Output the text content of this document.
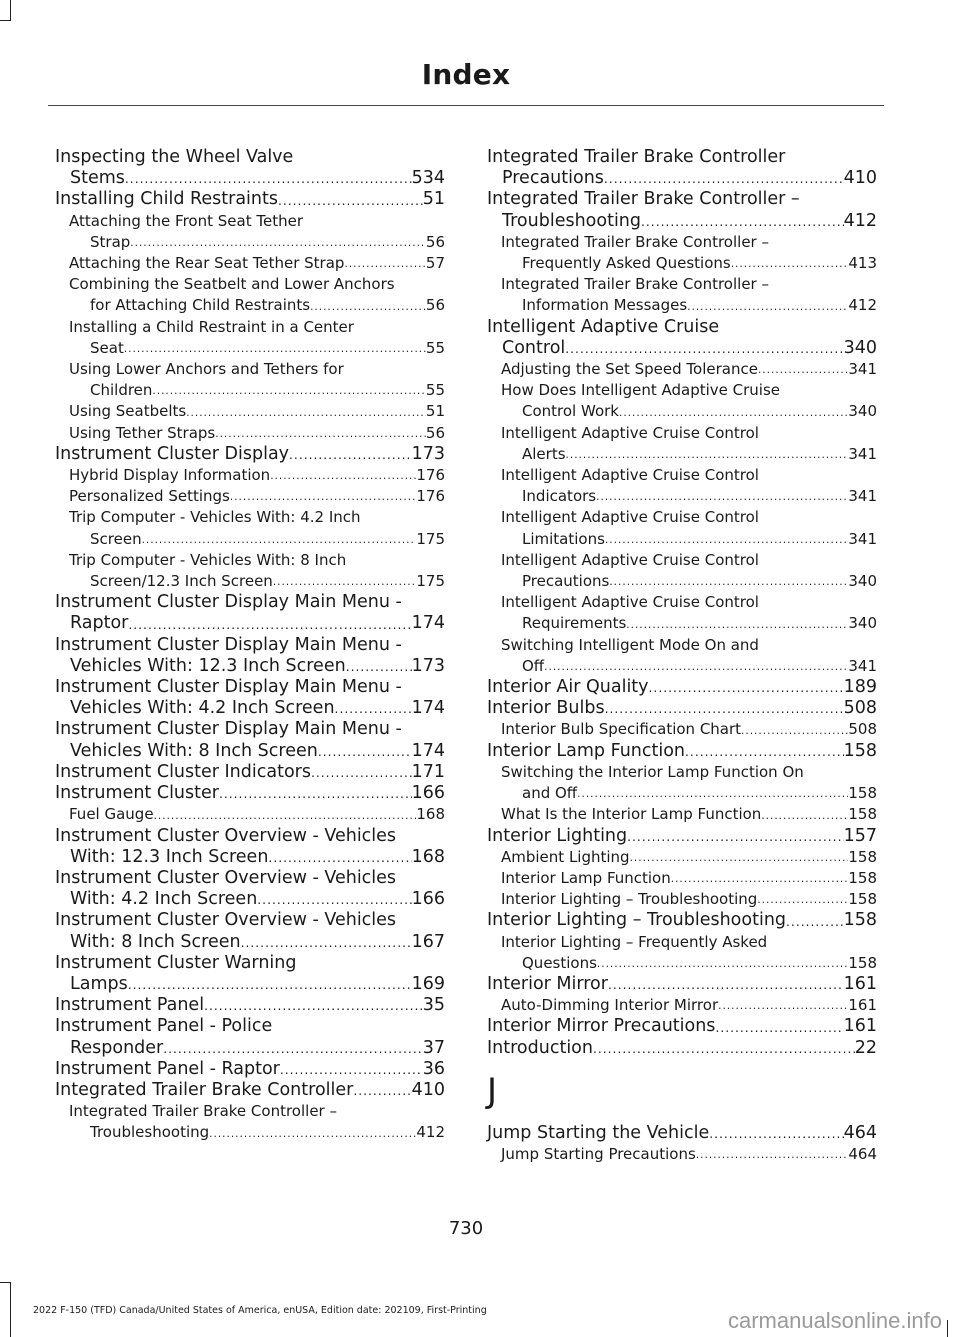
Index
Inspecting the Wheel Valve
Stems .....	534
Installing Child Restraints .....	51
Attaching the Front Seat Tether
Strap .....	56
Attaching the Rear Seat Tether Strap .....	57
Combining the Seatbelt and Lower Anchors
for Attaching Child Restraints .....	56
Installing a Child Restraint in a Center
Seat .....	55
Using Lower Anchors and Tethers for
Children .....	55
Using Seatbelts .....	51
Using Tether Straps .....	56
Instrument Cluster Display .....	173
Hybrid Display Information .....	176
Personalized Settings .....	176
Trip Computer - Vehicles With: 4.2 Inch
Screen .....	175
Trip Computer - Vehicles With: 8 Inch
Screen/12.3 Inch Screen .....	175
Instrument Cluster Display Main Menu -
Raptor .....	174
Instrument Cluster Display Main Menu -
Vehicles With: 12.3 Inch Screen .....	173
Instrument Cluster Display Main Menu -
Vehicles With: 4.2 Inch Screen .....	174
Instrument Cluster Display Main Menu -
Vehicles With: 8 Inch Screen .....	174
Instrument Cluster Indicators .....	171
Instrument Cluster .....	166
Fuel Gauge .....	168
Instrument Cluster Overview - Vehicles
With: 12.3 Inch Screen .....	168
Instrument Cluster Overview - Vehicles
With: 4.2 Inch Screen .....	166
Instrument Cluster Overview - Vehicles
With: 8 Inch Screen .....	167
Instrument Cluster Warning
Lamps .....	169
Instrument Panel .....	35
Instrument Panel - Police
Responder .....	37
Instrument Panel - Raptor .....	36
Integrated Trailer Brake Controller .....	410
Integrated Trailer Brake Controller –
Troubleshooting .....	412
Integrated Trailer Brake Controller
Precautions .....	410
Integrated Trailer Brake Controller –
Troubleshooting .....	412
Integrated Trailer Brake Controller –
Frequently Asked Questions .....	413
Integrated Trailer Brake Controller –
Information Messages .....	412
Intelligent Adaptive Cruise
Control .....	340
Adjusting the Set Speed Tolerance .....	341
How Does Intelligent Adaptive Cruise
Control Work .....	340
Intelligent Adaptive Cruise Control
Alerts .....	341
Intelligent Adaptive Cruise Control
Indicators .....	341
Intelligent Adaptive Cruise Control
Limitations .....	341
Intelligent Adaptive Cruise Control
Precautions .....	340
Intelligent Adaptive Cruise Control
Requirements .....	340
Switching Intelligent Mode On and
Off .....	341
Interior Air Quality .....	189
Interior Bulbs .....	508
Interior Bulb Specification Chart .....	508
Interior Lamp Function .....	158
Switching the Interior Lamp Function On
and Off .....	158
What Is the Interior Lamp Function .....	158
Interior Lighting .....	157
Ambient Lighting .....	158
Interior Lamp Function .....	158
Interior Lighting – Troubleshooting .....	158
Interior Lighting – Troubleshooting .....	158
Interior Lighting – Frequently Asked
Questions .....	158
Interior Mirror .....	161
Auto-Dimming Interior Mirror .....	161
Interior Mirror Precautions .....	161
Introduction .....	22
J
Jump Starting the Vehicle .....	464
Jump Starting Precautions .....	464
730
2022 F-150 (TFD) Canada/United States of America, enUSA, Edition date: 202109, First-Printing	carmanualsonline.info
